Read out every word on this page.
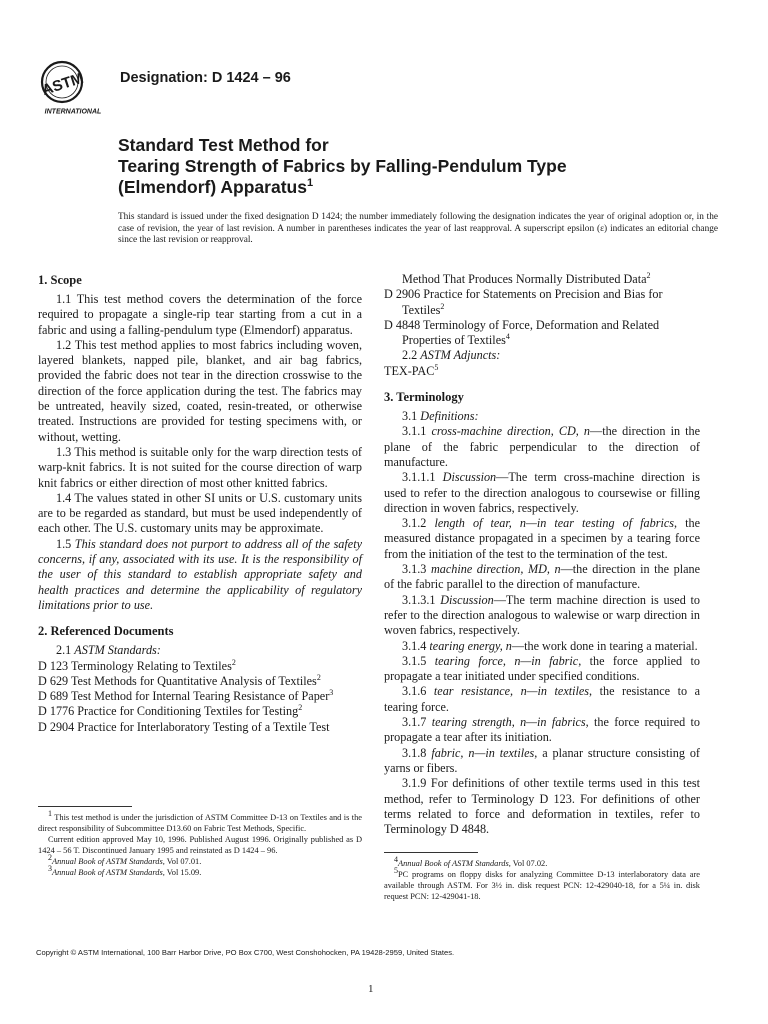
ASTM
INTERNATIONAL
Designation: D 1424 – 96
Standard Test Method for
Tearing Strength of Fabrics by Falling-Pendulum Type
(Elmendorf) Apparatus$^1$
This standard is issued under the fixed designation D 1424; the number immediately following the designation indicates the year of original adoption or, in the case of revision, the year of last revision. A number in parentheses indicates the year of last reapproval. A superscript epsilon (ε) indicates an editorial change since the last revision or reapproval.
1. Scope

1.1 This test method covers the determination of the force required to propagate a single-rip tear starting from a cut in a fabric and using a falling-pendulum type (Elmendorf) apparatus.

1.2 This test method applies to most fabrics including woven, layered blankets, napped pile, blanket, and air bag fabrics, provided the fabric does not tear in the direction crosswise to the direction of the force application during the test. The fabrics may be untreated, heavily sized, coated, resin-treated, or otherwise treated. Instructions are provided for testing specimens with, or without, wetting.

1.3 This method is suitable only for the warp direction tests of warp-knit fabrics. It is not suited for the course direction of warp knit fabrics or either direction of most other knitted fabrics.

1.4 The values stated in other SI units or U.S. customary units are to be regarded as standard, but must be used independently of each other. The U.S. customary units may be approximate.

1.5 This standard does not purport to address all of the safety concerns, if any, associated with its use. It is the responsibility of the user of this standard to establish appropriate safety and health practices and determine the applicability of regulatory limitations prior to use.

2. Referenced Documents

2.1 ASTM Standards:

D 123 Terminology Relating to Textiles$^2$
D 629 Test Methods for Quantitative Analysis of Textiles$^2$
D 689 Test Method for Internal Tearing Resistance of Paper$^3$
D 1776 Practice for Conditioning Textiles for Testing$^2$
D 2904 Practice for Interlaboratory Testing of a Textile Test

$^1$ This test method is under the jurisdiction of ASTM Committee D-13 on Textiles and is the direct responsibility of Subcommittee D13.60 on Fabric Test Methods, Specific.

Current edition approved May 10, 1996. Published August 1996. Originally published as D 1424 – 56 T. Discontinued January 1995 and reinstated as D 1424 – 96.

$^2$Annual Book of ASTM Standards, Vol 07.01.

$^3$Annual Book of ASTM Standards, Vol 15.09.

Method That Produces Normally Distributed Data$^2$
D 2906 Practice for Statements on Precision and Bias for Textiles$^2$
D 4848 Terminology of Force, Deformation and Related Properties of Textiles$^4$

2.2 ASTM Adjuncts:

TEX-PAC$^5$
3. Terminology

3.1 Definitions:

3.1.1 cross-machine direction, CD, n—the direction in the plane of the fabric perpendicular to the direction of manufacture.

3.1.1.1 Discussion—The term cross-machine direction is used to refer to the direction analogous to coursewise or filling direction in woven fabrics, respectively.

3.1.2 length of tear, n—in tear testing of fabrics, the measured distance propagated in a specimen by a tearing force from the initiation of the test to the termination of the test.

3.1.3 machine direction, MD, n—the direction in the plane of the fabric parallel to the direction of manufacture.

3.1.3.1 Discussion—The term machine direction is used to refer to the direction analogous to walewise or warp direction in woven fabrics, respectively.

3.1.4 tearing energy, n—the work done in tearing a material.

3.1.5 tearing force, n—in fabric, the force applied to propagate a tear initiated under specified conditions.

3.1.6 tear resistance, n—in textiles, the resistance to a tearing force.

3.1.7 tearing strength, n—in fabrics, the force required to propagate a tear after its initiation.

3.1.8 fabric, n—in textiles, a planar structure consisting of yarns or fibers.

3.1.9 For definitions of other textile terms used in this test method, refer to Terminology D 123. For definitions of other terms related to force and deformation in textiles, refer to Terminology D 4848.

$^4$Annual Book of ASTM Standards, Vol 07.02.

$^5$PC programs on floppy disks for analyzing Committee D-13 interlaboratory data are available through ASTM. For 3½ in. disk request PCN: 12-429040-18, for a 5¼ in. disk request PCN: 12-429041-18.

Copyright © ASTM International, 100 Barr Harbor Drive, PO Box C700, West Conshohocken, PA 19428-2959, United States.
1
